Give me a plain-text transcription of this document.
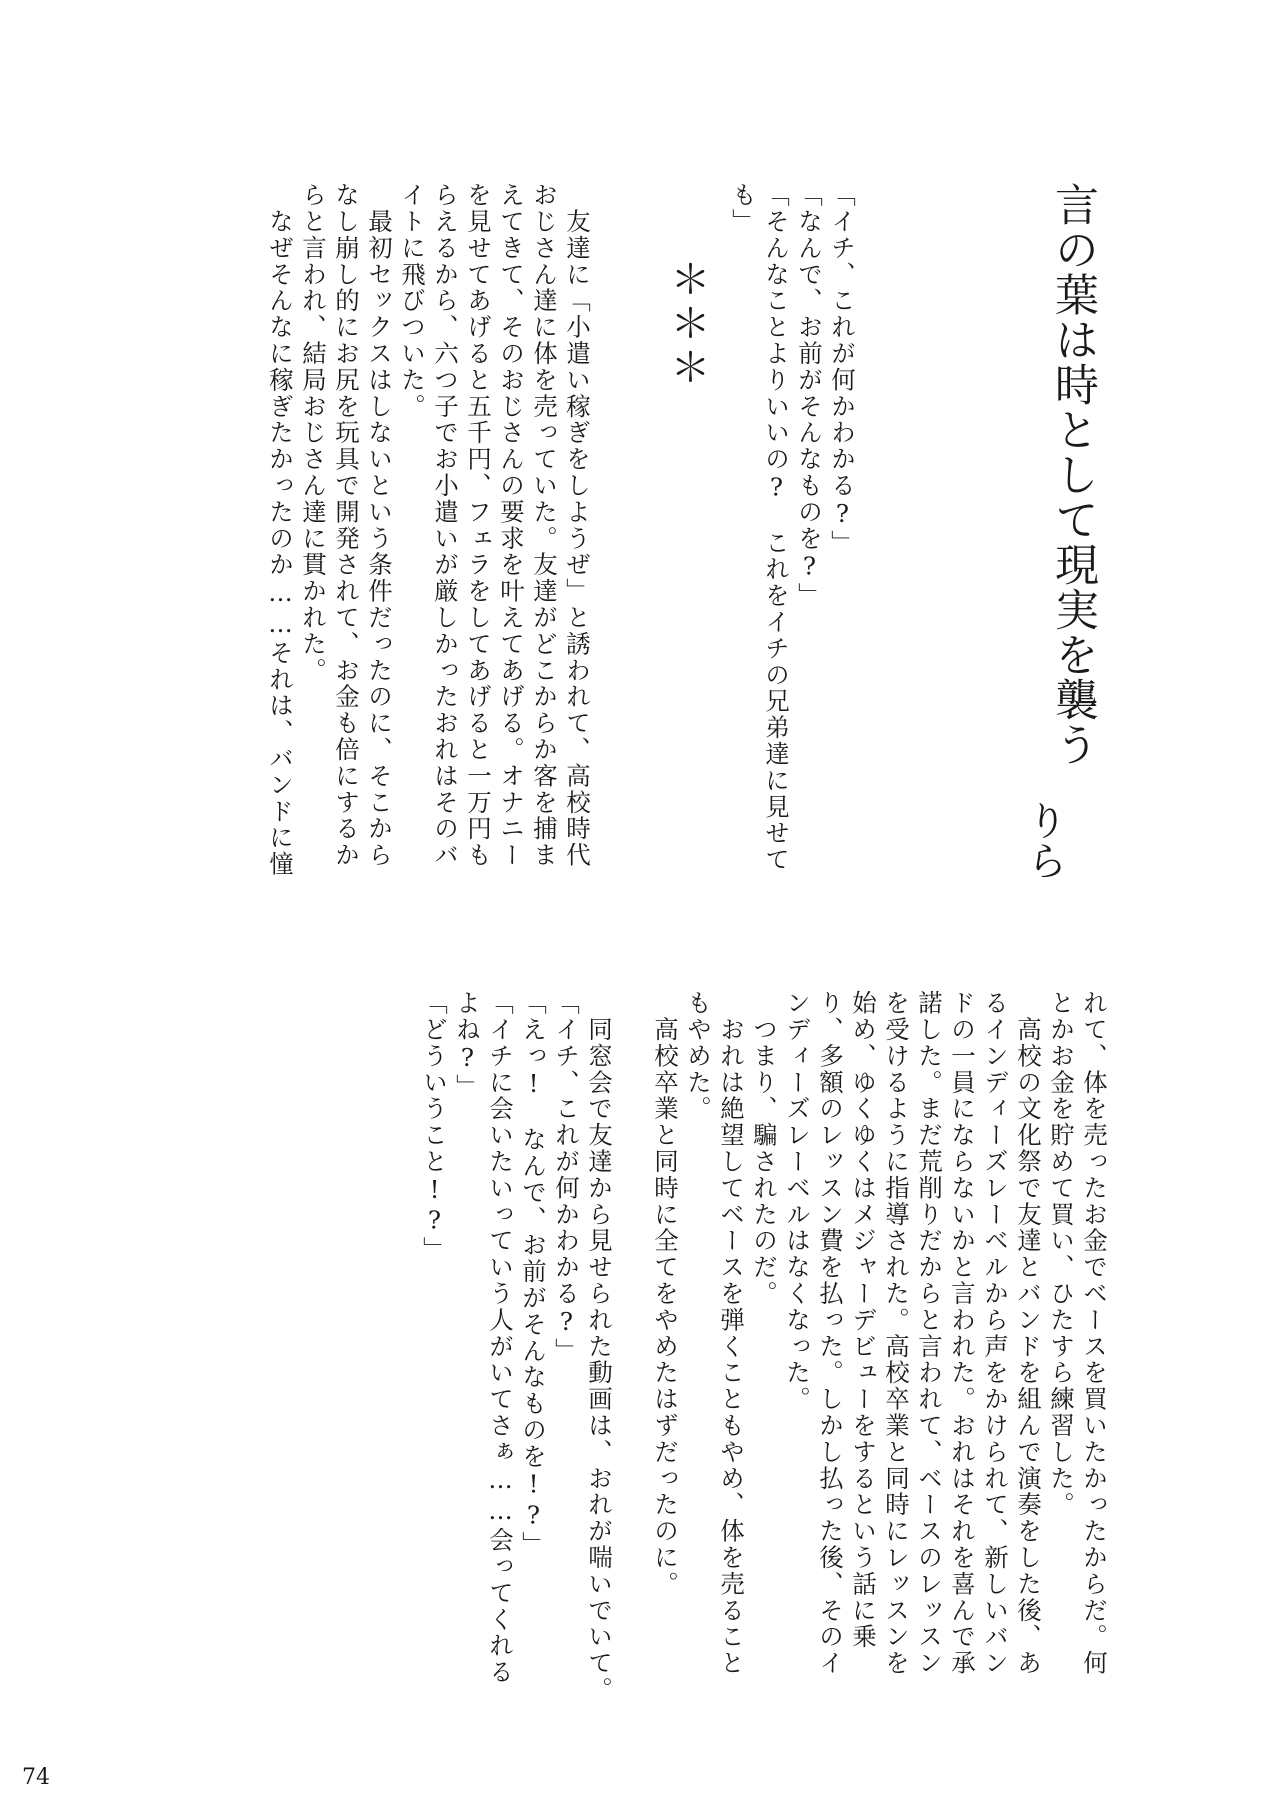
言の葉は時として現実を襲う
りら
＊＊＊	「イチ、これが何かわかる?」
「なんで、お前がそんなものを?」
「そんなことよりいいの?　これをイチの兄弟達に見せて
も」
　友達に「小遣い稼ぎをしようぜ」と誘われて、高校時代
おじさん達に体を売っていた。友達がどこからか客を捕ま
えてきて、そのおじさんの要求を叶えてあげる。オナニー
を見せてあげると五千円、フェラをしてあげると一万円も
らえるから、六つ子でお小遣いが厳しかったおれはそのバ
イトに飛びついた。
　最初セックスはしないという条件だったのに、そこから
なし崩し的にお尻を玩具で開発されて、お金も倍にするか
らと言われ、結局おじさん達に貫かれた。
　なぜそんなに稼ぎたかったのか……それは、バンドに憧
れて、体を売ったお金でベースを買いたかったからだ。何
とかお金を貯めて買い、ひたすら練習した。
　高校の文化祭で友達とバンドを組んで演奏をした後、あ
るインディーズレーベルから声をかけられて、新しいバン
ドの一員にならないかと言われた。おれはそれを喜んで承
諾した。まだ荒削りだからと言われて、ベースのレッスン
を受けるように指導された。高校卒業と同時にレッスンを
始め、ゆくゆくはメジャーデビューをするという話に乗
り、多額のレッスン費を払った。しかし払った後、そのイ
ンディーズレーベルはなくなった。
　つまり、騙されたのだ。
　おれは絶望してベースを弾くこともやめ、体を売ること
もやめた。
　高校卒業と同時に全てをやめたはずだったのに。
　同窓会で友達から見せられた動画は、おれが喘いでいて。
「イチ、これが何かわかる?」
「えっ!　なんで、お前がそんなものを!?」
「イチに会いたいっていう人がいてさぁ……会ってくれる
よね?」
「どういうこと!?」
74
